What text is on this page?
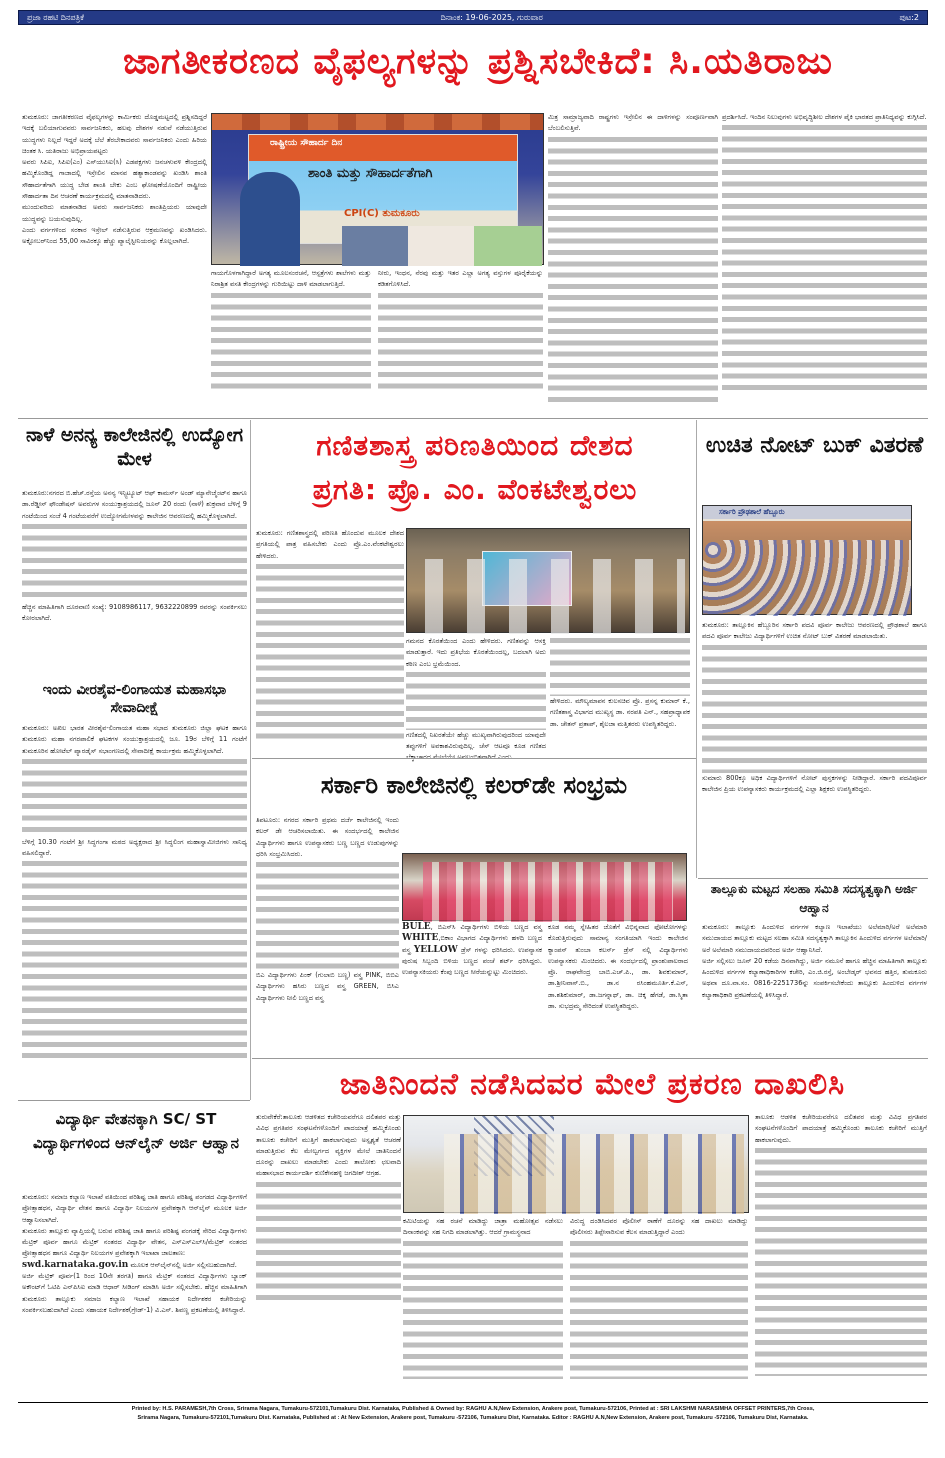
ಪ್ರಜಾ ರಹಟಿ ದಿನಪತ್ರಿಕೆ	ದಿನಾಂಕ: 19-06-2025, ಗುರುವಾರ	ಪುಟ:2
ಜಾಗತೀಕರಣದ ವೈಫಲ್ಯಗಳನ್ನು ಪ್ರಶ್ನಿಸಬೇಕಿದೆ: ಸಿ.ಯತಿರಾಜು

ತುಮಕೂರು: ಜಾಗತೀಕರಣದ ವೈಫಲ್ಯಗಳನ್ನು ಕಾರ್ಮಿಕರು ದೊಡ್ಡಮಟ್ಟದಲ್ಲಿ ಪ್ರಶ್ನಿಸದಿದ್ದರೆ ಇದಕ್ಕೆ ಬಲಿಯಾಗುವವರು ಸಾರ್ವಜನಿಕರು, ಹಲವು ದೇಶಗಳ ನಡುವೆ ನಡೆಯುತ್ತಿರುವ ಯುದ್ಧಗಳು ನಿಲ್ಲದೆ ಇದ್ದರೆ ಅದಕ್ಕೆ ಬೆಲೆ ತೆರಬೇಕಾದವರು ಸಾರ್ವಜನಿಕರು ಎಂದು ಹಿರಿಯ ಚಿಂತಕ ಸಿ. ಯತಿರಾಜು ಅಭಿಪ್ರಾಯಪಟ್ಟರು

ಅವರು ಸಿಪಿಐ, ಸಿಪಿಐ(ಎಂ) ಎಸ್‌ಯುಸಿಐ(ಸಿ) ಎಡಪಕ್ಷಗಳು ಜನಚಳುವಳಿ ಕೇಂದ್ರದಲ್ಲಿ ಹಮ್ಮಿಕೊಂಡಿದ್ದ ಗಾಜಾದಲ್ಲಿ ಇಸ್ರೇಲಿನ ಮಾನವ ಹತ್ಯಾಕಾಂಡವನ್ನು ಖಂಡಿಸಿ ಶಾಂತಿ ಸೌಹಾರ್ದತೆಗಾಗಿ ಯುದ್ಧ ಬೇಡ ಶಾಂತಿ ಬೇಕು ಎಂಬ ಘೋಷಣೆಯೊಂದಿಗೆ ರಾಷ್ಟ್ರೀಯ ಸೌಹಾರ್ದತಾ ದಿನ ಆಚರಣೆ ಕಾರ್ಯಕ್ರಮದಲ್ಲಿ ಮಾತನಾಡಿದರು.

ಮುಂದುವರಿದು ಮಾತನಾಡಿದ ಅವರು ಸಾರ್ವಜನಿಕರು ಶಾಂತಿಪ್ರಿಯರು ಯಾವುದೇ ಯುದ್ಧವನ್ನು ಬಯಸುವುದಿಲ್ಲ.

ಎಂದು ವರ್ಗಗಳಿಂದ ಸರಕಾರ ಇಸ್ರೇಲ್ ನಡೆಸುತ್ತಿರುವ ಆಕ್ರಮಣವನ್ನು ಖಂಡಿಸಿದರು. ಅಕ್ಟೋಬರ್‌ನಿಂದ 55,00 ಸಾವಿರಕ್ಕೂ ಹೆಚ್ಚು ಪ್ಯಾಲೈಸ್ಟೀನಿಯರನ್ನು ಕೊಲ್ಲಲಾಗಿದೆ.

ರಾಷ್ಟ್ರೀಯ ಸೌಹಾರ್ದ ದಿನ
ಶಾಂತಿ ಮತ್ತು ಸೌಹಾರ್ದತೆಗಾಗಿ
CPI(C) ತುಮಕೂರು

ಗಾಯಗೊಳಗಾಗಿದ್ದಾರೆ ಅಗತ್ಯ ಮೂಲಸಂರಚನೆ, ಆಸ್ಪತ್ರೆಗಳು ಶಾಲೆಗಳು ಮತ್ತು ನಿರಾಶ್ರಿತ ವಸತಿ ಕೇಂದ್ರಗಳನ್ನು ಗುರಿಯಿಟ್ಟು ದಾಳಿ ಮಾಡಲಾಗುತ್ತಿದೆ.

ನೀರು, ಇಂಧನ, ನೆರವು ಮತ್ತು ಇತರ ಎಲ್ಲಾ ಅಗತ್ಯ ವಸ್ತುಗಳ ಪೂರೈಕೆಯನ್ನು ಕಡಿತಗೊಳಿಸಿದೆ.

ಮಿತ್ರ ಸಾಮ್ರಾಜ್ಯವಾದಿ ರಾಷ್ಟ್ರಗಳು ಇಸ್ರೇಲಿನ ಈ ದಾಳಿಗಳನ್ನು ಸಂಪೂರ್ಣವಾಗಿ ಬೆಂಬಲಿಸುತ್ತಿವೆ.

ಪ್ರದರ್ಶಿಸಿದೆ. ಇಂದಿನ ನಿಲುವುಗಳು ಅಭಿವೃದ್ಧಿಶೀಲ ದೇಶಗಳ ಪೈಕಿ ಭಾರತದ ಪ್ರಾತಿನಿಧ್ಯವನ್ನು ಕುಗ್ಗಿಸಿದೆ.

ನಾಳೆ ಅನನ್ಯ ಕಾಲೇಜಿನಲ್ಲಿ ಉದ್ಯೋಗ ಮೇಳ

ತುಮಕೂರು:ನಗರದ ಬಿ.ಹೆಚ್.ರಸ್ತೆಯ ಅನನ್ಯ ಇನ್ಸ್ಟಿಟ್ಯೂಟ್ ಆಫ್ ಕಾಮರ್ಸ್ ಅಂಡ್ ಮ್ಯಾನೇಜ್ಮೆಂಟ್‌ನ ಹಾಗೂ ಡಾ.ರೆಡ್ಡೀಸ್ ಫೌಂಡೇಷನ್ ಅವರುಗಳ ಸಂಯುಕ್ತಾಶ್ರಯದಲ್ಲಿ ಜೂನ್ 20 ರಂದು (ನಾಳೆ) ಶುಕ್ರವಾರ ಬೆಳಿಗ್ಗೆ 9 ಗಂಟೆಯಿಂದ ಸಂಜೆ 4 ಗಂಟೆಯವರೆಗೆ ಉದ್ಯೋಗಮೇಳವನ್ನು ಕಾಲೇಜಿನ ಆವರಣದಲ್ಲಿ ಹಮ್ಮಿಕೊಳ್ಳಲಾಗಿದೆ.

ಹೆಚ್ಚಿನ ಮಾಹಿತಿಗಾಗಿ ದೂರವಾಣಿ ಸಂಖ್ಯೆ: 9108986117, 9632220899 ರವರನ್ನು ಸಂಪರ್ಕಿಸಲು ಕೋರಲಾಗಿದೆ.

ಇಂದು ವೀರಶೈವ-ಲಿಂಗಾಯತ ಮಹಾಸಭಾ ಸೇವಾದೀಕ್ಷೆ

ತುಮಕೂರು: ಅಖಿಲ ಭಾರತ ವೀರಶೈವ-ಲಿಂಗಾಯತ ಮಹಾ ಸಭಾದ ತುಮಕೂರು ಜಿಲ್ಲಾ ಘಟಕ ಹಾಗೂ ತುಮಕೂರು ಮಹಾ ನಗರಪಾಲಿಕೆ ಘಟಕಗಳ ಸಂಯುಕ್ತಾಶ್ರಯದಲ್ಲಿ ಜೂ. 19ರ ಬೆಳಿಗ್ಗೆ 11 ಗಂಟೆಗೆ ತುಮಕೂರಿನ ಹೋಟೆಲ್ ಪ್ಯಾರಡೈಸ್ ಸಭಾಂಗಣದಲ್ಲಿ ಸೇವಾದೀಕ್ಷೆ ಕಾರ್ಯಕ್ರಮ ಹಮ್ಮಿಕೊಳ್ಳಲಾಗಿದೆ.

ಬೆಳಿಗ್ಗೆ 10.30 ಗಂಟೆಗೆ ಶ್ರೀ ಸಿದ್ಧಗಂಗಾ ಮಠದ ಅಧ್ಯಕ್ಷರಾದ ಶ್ರೀ ಸಿದ್ಧಲಿಂಗ ಮಹಾಸ್ವಾಮೀಜಿಗಳು ಸಾನಿಧ್ಯ ವಹಿಸಲಿದ್ದಾರೆ.

ಗಣಿತಶಾಸ್ತ್ರ ಪರಿಣತಿಯಿಂದ ದೇಶದ
ಪ್ರಗತಿ: ಪ್ರೊ. ಎಂ. ವೆಂಕಟೇಶ್ವರಲು

ತುಮಕೂರು: ಗಣಿತಶಾಸ್ತ್ರದಲ್ಲಿ ಪರಿಣತಿ ಹೊಂದುವ ಮೂಲಕ ದೇಶದ ಪ್ರಗತಿಯಲ್ಲಿ ಪಾತ್ರ ವಹಿಸಬೇಕು ಎಂದು ಪ್ರೊ.ಎಂ.ವೆಂಕಟೇಶ್ವರಲು ಹೇಳಿದರು.

ಗಮನದ ಕೊರತೆಯಿಂದ ಎಂದು ಹೇಳಿದರು. ಗಣಿತವನ್ನು ಆಸಕ್ತಿ ಮಾಡುತ್ತಾರೆ. ಇದು ಪ್ರತಿಭೆಯ ಕೊರತೆಯಿಂದಲ್ಲ, ಬದಲಾಗಿ ಅದು ಕಠಿಣ ಎಂಬ ಭ್ರಮೆಯಿಂದ.

ಗಣಿತದಲ್ಲಿ ನಿಖರತೆಯೇ ಹೆಚ್ಚು ಮುಖ್ಯವಾಗಿರುವುದರಿಂದ ಯಾವುದೇ ತಪ್ಪುಗಳಿಗೆ ಅವಕಾಶವಿರುವುದಿಲ್ಲ. ಚೆಸ್ ಆಟವೂ ಕೂಡ ಗಣಿತದ

ಹೇಳಿದರು. ಮೌಲ್ಯಮಾಪನ ಕುಲಸಚಿವ ಪ್ರೊ. ಪ್ರಸನ್ನ ಕುಮಾರ್ ಕೆ., ಗಣಿತಶಾಸ್ತ್ರ ವಿಭಾಗದ ಮುಖ್ಯಸ್ಥ ಡಾ. ನರಪತಿ ಎನ್., ಸಹಪ್ರಾಧ್ಯಾಪಕ ಡಾ. ಚೇತನ್ ಪ್ರತಾಪ್, ಶೈಲಜಾ ಮತ್ತಿತರರು ಉಪಸ್ಥಿತರಿದ್ದರು.

ಉಚಿತ ನೋಟ್ ಬುಕ್ ವಿತರಣೆ
ಸರ್ಕಾರಿ ಪ್ರೌಢಶಾಲೆ ಹೆಬ್ಬೂರು

ತುಮಕೂರು: ತಾಲ್ಲೂಕಿನ ಹೆಬ್ಬೂರಿನ ಸರ್ಕಾರಿ ಪದವಿ ಪೂರ್ವ ಕಾಲೇಜು ಆವರಣದಲ್ಲಿ ಪ್ರೌಢಶಾಲೆ ಹಾಗೂ ಪದವಿ ಪೂರ್ವ ಕಾಲೇಜು ವಿದ್ಯಾರ್ಥಿಗಳಿಗೆ ಉಚಿತ ನೋಟ್ ಬುಕ್ ವಿತರಣೆ ಮಾಡಲಾಯಿತು.

ಸುಮಾರು 800ಕ್ಕೂ ಅಧಿಕ ವಿದ್ಯಾರ್ಥಿಗಳಿಗೆ ನೋಟ್ ಪುಸ್ತಕಗಳನ್ನು ನೀಡಿದ್ದಾರೆ. ಸರ್ಕಾರಿ ಪದವಿಪೂರ್ವ ಕಾಲೇಜಿನ ಪ್ರಿಯ ಉಪನ್ಯಾಸಕರು ಕಾರ್ಯಕ್ರಮದಲ್ಲಿ ಎಲ್ಲಾ ಶಿಕ್ಷಕರು ಉಪಸ್ಥಿತರಿದ್ದರು.

ಸರ್ಕಾರಿ ಕಾಲೇಜಿನಲ್ಲಿ ಕಲರ್‌ಡೇ ಸಂಭ್ರಮ

ತಿಪಟೂರು: ನಗರದ ಸರ್ಕಾರಿ ಪ್ರಥಮ ದರ್ಜೆ ಕಾಲೇಜಿನಲ್ಲಿ ಇಂದು ಕಲರ್ ಡೇ ಆಚರಿಸಲಾಯಿತು. ಈ ಸಂದರ್ಭದಲ್ಲಿ ಕಾಲೇಜಿನ ವಿದ್ಯಾರ್ಥಿಗಳು ಹಾಗೂ ಉಪನ್ಯಾಸಕರು ಬಣ್ಣ ಬಣ್ಣದ ಉಡುಪುಗಳನ್ನು ಧರಿಸಿ ಸಂಭ್ರಮಿಸಿದರು.

ಬಿಎ ವಿದ್ಯಾರ್ಥಿಗಳು ಪಿಂಕ್ (ಗುಲಾಬಿ ಬಣ್ಣ) ವಸ್ತ್ರ PINK, ಬಿಬಿಎ ವಿದ್ಯಾರ್ಥಿಗಳು ಹಸಿರು ಬಣ್ಣದ ವಸ್ತ್ರ GREEN, ಬಿಸಿಎ ವಿದ್ಯಾರ್ಥಿಗಳು ನೀಲಿ ಬಣ್ಣದ ವಸ್ತ್ರ

BULE, ಬಿಎಸ್‌ಸಿ ವಿದ್ಯಾರ್ಥಿಗಳು ಬಿಳಿಯ ಬಣ್ಣದ ವಸ್ತ್ರ WHITE,ಬಿಕಾಂ ವಿಭಾಗದ ವಿದ್ಯಾರ್ಥಿಗಳು ಹಳದಿ ಬಣ್ಣದ ವಸ್ತ್ರ YELLOW ಡ್ರೆಸ್ ಗಳನ್ನು ಧರಿಸಿದರು. ಉಪನ್ಯಾಸಕ ಪುರುಷ ಸಿಬ್ಬಂದಿ ಬಿಳಿಯ ಬಣ್ಣದ ಪಂಚೆ ಶರ್ಟ್ ಧರಿಸಿದ್ದರು. ಉಪನ್ಯಾಸಕಿಯರು ಕೆಂಪು ಬಣ್ಣದ ಸೀರೆಯನ್ನುಟ್ಟು ಮಿಂಚಿದರು.

ಕೂಡ ನಮ್ಮ ಸ್ನೇಹಿತರ ಜೊತೆಗೆ ವಿಭಿನ್ನವಾದ ಫೋಟೋಗಳನ್ನು ಕೊಡುತ್ತಿರುವುದು ಸಾಮಾನ್ಯ ಸಂಗತಿಯಾಗಿ ಇಂದು ಕಾಲೇಜಿನ ಕ್ಯಾಂಪಸ್ ತುಂಬಾ ಕಲರ್ಸ್ ಡ್ರೆಸ್ ನಲ್ಲಿ ವಿದ್ಯಾರ್ಥಿಗಳು ಉಪನ್ಯಾಸಕರು ಮಿಂಚಿದರು. ಈ ಸಂದರ್ಭದಲ್ಲಿ ಪ್ರಾಂಶುಪಾಲರಾದ ಪ್ರೊ. ರಾಘವೇಂದ್ರ ಬಾಬಿ.ಎಚ್.ಪಿ., ಡಾ. ಶಿವಕುಮಾರ್, ಡಾ.ಶ್ರೀನಿವಾಸ್.ಬಿ., ಡಾ.ನ ರಸಿಂಹಮೂರ್ತಿ.ಕೆ.ಎಸ್, ಡಾ.ಶಶಿಕುಮಾರ್, ಡಾ.ಜಗನ್ನಾಥ್, ಡಾ. ಚಿಕ್ಕ ಹೆಗಡೆ, ಡಾ.ಸ್ಮಿತಾ ಡಾ. ಸುಭದ್ರಮ್ಮ ಸೇರಿದಂತೆ ಉಪಸ್ಥಿತರಿದ್ದರು.

ತಾಲ್ಲೂಕು ಮಟ್ಟದ ಸಲಹಾ ಸಮಿತಿ ಸದಸ್ಯತ್ವಕ್ಕಾಗಿ ಅರ್ಜಿ ಆಹ್ವಾನ

ತುಮಕೂರು: ತಾಲ್ಲೂಕು ಹಿಂದುಳಿದ ವರ್ಗಗಳ ಕಲ್ಯಾಣ ಇಲಾಖೆಯು ಅಲೆಮಾರಿ/ಅರೆ ಅಲೆಮಾರಿ ಸಮುದಾಯದ ತಾಲ್ಲೂಕು ಮಟ್ಟದ ಸಲಹಾ ಸಮಿತಿ ಸದಸ್ಯತ್ವಕ್ಕಾಗಿ ತಾಲ್ಲೂಕಿನ ಹಿಂದುಳಿದ ವರ್ಗಗಳ ಅಲೆಮಾರಿ/ ಅರೆ ಅಲೆಮಾರಿ ಸಮುದಾಯದವರಿಂದ ಅರ್ಜಿ ಆಹ್ವಾನಿಸಿದೆ.

ಅರ್ಜಿ ಸಲ್ಲಿಸಲು ಜೂನ್ 20 ಕಡೆಯ ದಿನವಾಗಿದ್ದು, ಅರ್ಜಿ ನಮೂನೆ ಹಾಗೂ ಹೆಚ್ಚಿನ ಮಾಹಿತಿಗಾಗಿ ತಾಲ್ಲೂಕು ಹಿಂದುಳಿದ ವರ್ಗಗಳ ಕಲ್ಯಾಣಾಧಿಕಾರಿಗಳ ಕಚೇರಿ, ಎಂ.ಜಿ.ರಸ್ತೆ, ಅಂಬೇಡ್ಕರ್ ಭವನದ ಹತ್ತಿರ, ತುಮಕೂರು ಅಥವಾ ದೂ.ವಾ.ಸಂ. 0816-2251736ನ್ನು ಸಂಪರ್ಕಿಸಬೇಕೆಂದು ತಾಲ್ಲೂಕು ಹಿಂದುಳಿದ ವರ್ಗಗಳ ಕಲ್ಯಾಣಾಧಿಕಾರಿ ಪ್ರಕಟಣೆಯಲ್ಲಿ ತಿಳಿಸಿದ್ದಾರೆ.

ವಿದ್ಯಾರ್ಥಿ ವೇತನಕ್ಕಾಗಿ SC/ ST ವಿದ್ಯಾರ್ಥಿಗಳಿಂದ ಆನ್‌ಲೈನ್ ಅರ್ಜಿ ಆಹ್ವಾನ

ತುಮಕೂರು: ಸಮಾಜ ಕಲ್ಯಾಣ ಇಲಾಖೆ ವತಿಯಿಂದ ಪರಿಶಿಷ್ಟ ಜಾತಿ ಹಾಗೂ ಪರಿಶಿಷ್ಟ ಪಂಗಡದ ವಿದ್ಯಾರ್ಥಿಗಳಿಗೆ ಪ್ರೋತ್ಸಾಹಧನ, ವಿದ್ಯಾರ್ಥಿ ವೇತನ ಹಾಗೂ ವಿದ್ಯಾರ್ಥಿ ನಿಲಯಗಳ ಪ್ರವೇಶಕ್ಕಾಗಿ ಆನ್‌ಲೈನ್ ಮೂಲಕ ಅರ್ಜಿ ಆಹ್ವಾನಿಸಲಾಗಿದೆ.

ತುಮಕೂರು ತಾಲ್ಲೂಕು ವ್ಯಾಪ್ತಿಯಲ್ಲಿ ಬರುವ ಪರಿಶಿಷ್ಟ ಜಾತಿ ಹಾಗೂ ಪರಿಶಿಷ್ಟ ಪಂಗಡಕ್ಕೆ ಸೇರಿದ ವಿದ್ಯಾರ್ಥಿಗಳು ಮೆಟ್ರಿಕ್ ಪೂರ್ವ ಹಾಗೂ ಮೆಟ್ರಿಕ್ ನಂತರದ ವಿದ್ಯಾರ್ಥಿ ವೇತನ, ಎಸ್‌ಎಸ್‌ಎಲ್‌ಸಿ/ಮೆಟ್ರಿಕ್ ನಂತರದ ಪ್ರೋತ್ಸಾಹಧನ ಹಾಗೂ ವಿದ್ಯಾರ್ಥಿ ನಿಲಯಗಳ ಪ್ರವೇಶಕ್ಕಾಗಿ ಇಲಾಖಾ ಜಾಲತಾಣ:

swd.karnataka.gov.in ಮೂಲಕ ಆನ್‌ಲೈನ್‌ನಲ್ಲಿ ಅರ್ಜಿ ಸಲ್ಲಿಸಬಹುದಾಗಿದೆ.

ಅರ್ಜಿ ಮೆಟ್ರಿಕ್ ಪೂರ್ವ(1 ರಿಂದ 10ನೇ ತರಗತಿ) ಹಾಗೂ ಮೆಟ್ರಿಕ್ ನಂತರದ ವಿದ್ಯಾರ್ಥಿಗಳು ಬ್ಯಾಂಕ್ ಅಕೌಂಟ್‌ಗೆ ಓಟಿಪಿ ಎನ್‌ಪಿಸಿಐ ಮಾಡಿ ಆಧಾರ್ ಸೀಡಿಂಗ್ ಮಾಡಿಸಿ ಅರ್ಜಿ ಸಲ್ಲಿಸಬೇಕು. ಹೆಚ್ಚಿನ ಮಾಹಿತಿಗಾಗಿ ತುಮಕೂರು ತಾಲ್ಲೂಕು ಸಮಾಜ ಕಲ್ಯಾಣ ಇಲಾಖೆ ಸಹಾಯಕ ನಿರ್ದೇಶಕರ ಕಚೇರಿಯನ್ನು ಸಂಪರ್ಕಿಸಬಹುದಾಗಿದೆ ಎಂದು ಸಹಾಯಕ ನಿರ್ದೇಶಕ(ಗ್ರೇಡ್-1) ವಿ.ಎಸ್. ಶಿವಣ್ಣ ಪ್ರಕಟಣೆಯಲ್ಲಿ ತಿಳಿಸಿದ್ದಾರೆ.

ಜಾತಿನಿಂದನೆ ನಡೆಸಿದವರ ಮೇಲೆ ಪ್ರಕರಣ ದಾಖಲಿಸಿ

ತುರುವೇಕೆರೆ:ತಾಲೂಕು ಆಡಳಿತದ ಕಚೇರಿಯವರೆಗೂ ದಲಿತಪರ ಮತ್ತು ವಿವಿಧ ಪ್ರಗತಿಪರ ಸಂಘಟನೆಗಳೊಂದಿಗೆ ಪಾದಯಾತ್ರೆ ಹಮ್ಮಿಕೊಂಡು ತಾಲೂಕು ಕಚೇರಿಗೆ ಮುತ್ತಿಗೆ ಹಾಕಲಾಗುವುದು ಅಸ್ಪೃಶ್ಯತೆ ಆಚರಣೆ ಮಾಡುತ್ತಿರುವ ಕೆಲ ಮೇಲ್ವರ್ಗದ ವ್ಯಕ್ತಿಗಳ ಮೇಲೆ ಜಾತಿನಿಂದನೆ ದೂರನ್ನು ದಾಖಲು ಮಾಡಬೇಕು ಎಂದು ತಾಲೋಕು ಛಲವಾದಿ ಮಹಾಸಭಾದ ಕಾರ್ಯದರ್ಶಿ ಕುಣಿಕೇನಹಳ್ಳಿ ಜಗದೀಶ್ ಆಗ್ರಹ.

ಕಮಿಟಿಯನ್ನು ಸಹ ರಚನೆ ಮಾಡಿದ್ದು ಜಾತ್ರಾ ಮಹೋತ್ಸವ ನಡೆಸಲು ದಿನಾಂಕವನ್ನು ಸಹ ನಿಗದಿ ಮಾಡಲಾಗಿತ್ತು. ಆದರೆ ಗ್ರಾಮಸ್ಥನಾದ

ವಿರುದ್ಧ ದಂಡಿಸಿದವರ ಪೊಲೀಸ್ ಠಾಣೆಗೆ ದೂರನ್ನು ಸಹ ದಾಖಲು ಮಾಡಿದ್ದು ಪೊಲೀಸರು ತಿಪ್ಪೇಸಾರಿಸುವ ಕೆಲಸ ಮಾಡುತ್ತಿದ್ದಾರೆ ಎಂದು

ತಾಲೂಕು ಆಡಳಿತ ಕಚೇರಿಯವರೆಗೂ ದಲಿತಪರ ಮತ್ತು ವಿವಿಧ ಪ್ರಗತಿಪರ ಸಂಘಟನೆಗಳೊಂದಿಗೆ ಪಾದಯಾತ್ರೆ ಹಮ್ಮಿಕೊಂಡು ತಾಲೂಕು ಕಚೇರಿಗೆ ಮುತ್ತಿಗೆ ಹಾಕಲಾಗುವುದು.

Printed by: H.S. PARAMESH,7th Cross, Srirama Nagara, Tumakuru-572101,Tumakuru Dist. Karnataka, Published & Owned by: RAGHU A.N,New Extension, Arakere post, Tumakuru-572106, Printed at : SRI LAKSHMI NARASIMHA OFFSET PRINTERS,7th Cross,
Srirama Nagara, Tumakuru-572101,Tumakuru Dist. Karnataka, Published at : At New Extension, Arakere post, Tumakuru -572106, Tumakuru Dist, Karnataka. Editor : RAGHU A.N,New Extension, Arakere post, Tumakuru -572106, Tumakuru Dist, Karnataka.
